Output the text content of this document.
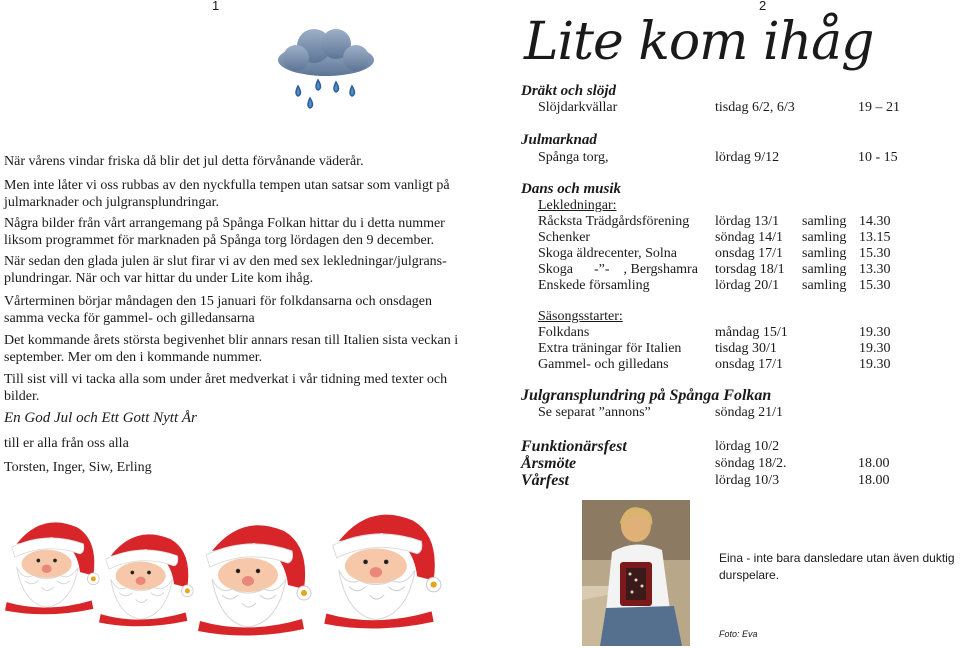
1	2

När vårens vindar friska då blir det jul detta förvånande väderår.

Men inte låter vi oss rubbas av den nyckfulla tempen utan satsar som vanligt på julmarknader och julgransplundringar.

Några bilder från vårt arrangemang på Spånga Folkan hittar du i detta nummer liksom programmet för marknaden på Spånga torg lördagen den 9 december.

När sedan den glada julen är slut firar vi av den med sex lekledningar/julgrans-plundringar. När och var hittar du under Lite kom ihåg.

Vårterminen börjar måndagen den 15 januari för folkdansarna och onsdagen samma vecka för gammel- och gilledansarna

Det kommande årets största begivenhet blir annars resan till Italien sista veckan i september. Mer om den i kommande nummer.

Till sist vill vi tacka alla som under året medverkat i vår tidning med texter och bilder.

En God Jul och Ett Gott Nytt År

till er alla från oss alla

Torsten, Inger, Siw, Erling

Lite kom ihåg
Dräkt och slöjd
Slöjdarkvällar	tisdag 6/2, 6/3	19 – 21
Julmarknad
Spånga torg,	lördag 9/12	10 - 15
Dans och musik
Lekledningar:
Råcksta Trädgårdsförening lördag 13/1 samling 14.30
Schenker	söndag 14/1 samling 13.15
Skoga äldrecenter, Solna	onsdag 17/1 samling 15.30
Skoga      -”-    , Bergshamra torsdag 18/1 samling 13.30
Enskede församling	lördag 20/1 samling 15.30
Säsongsstarter:
Folkdans	måndag 15/1	19.30
Extra träningar för Italien tisdag 30/1	19.30
Gammel- och gilledans	onsdag 17/1	19.30
Julgransplundring på Spånga Folkan
Se separat ”annons”	söndag 21/1
Funktionärsfest	lördag 10/2
Årsmöte	söndag 18/2.	18.00
Vårfest	lördag 10/3	18.00
Eina - inte bara dansledare utan även duktig durspelare.
Foto: Eva
